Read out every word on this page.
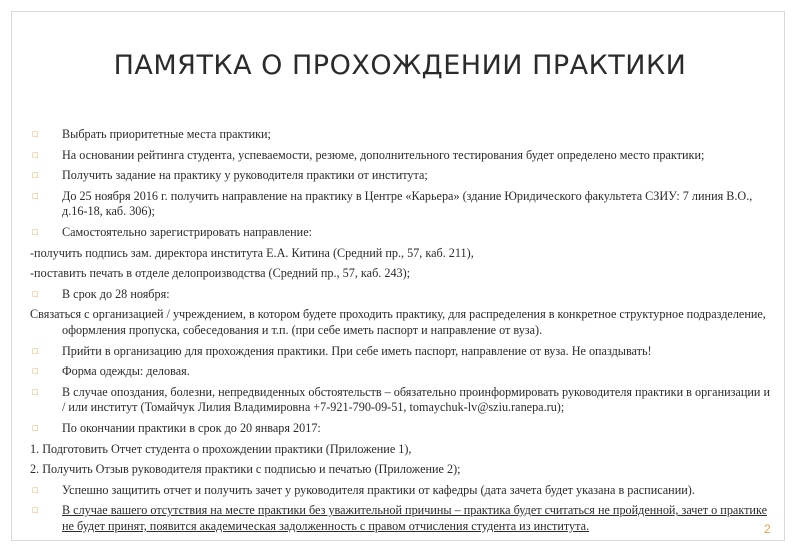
ПАМЯТКА О ПРОХОЖДЕНИИ ПРАКТИКИ
□ Выбрать приоритетные места практики;
□ На основании рейтинга студента, успеваемости, резюме, дополнительного тестирования будет определено место практики;
□ Получить задание на практику у руководителя практики от института;
□ До 25 ноября 2016 г. получить направление на практику в Центре «Карьера» (здание Юридического факультета СЗИУ: 7 линия В.О., д.16-18, каб. 306);
□ Самостоятельно зарегистрировать направление:
-получить подпись зам. директора института Е.А. Китина (Средний пр., 57, каб. 211),
-поставить печать в отделе делопроизводства (Средний пр., 57, каб. 243);
□ В срок до 28 ноября:
Связаться с организацией / учреждением, в котором будете проходить практику, для распределения в конкретное структурное подразделение, оформления пропуска, собеседования и т.п. (при себе иметь паспорт и направление от вуза).
□ Прийти в организацию для прохождения практики. При себе иметь паспорт, направление от вуза. Не опаздывать!
□ Форма одежды: деловая.
□ В случае опоздания, болезни, непредвиденных обстоятельств – обязательно проинформировать руководителя практики в организации и / или институт (Томайчук Лилия Владимировна +7-921-790-09-51, tomaychuk-lv@sziu.ranepa.ru);
□ По окончании практики в срок до 20 января 2017:
1. Подготовить Отчет студента о прохождении практики (Приложение 1),
2. Получить Отзыв руководителя практики с подписью и печатью (Приложение 2);
□ Успешно защитить отчет и получить зачет у руководителя практики от кафедры (дата зачета будет указана в расписании).
□ В случае вашего отсутствия на месте практики без уважительной причины – практика будет считаться не пройденной, зачет о практике не будет принят, появится академическая задолженность с правом отчисления студента из института.	2
